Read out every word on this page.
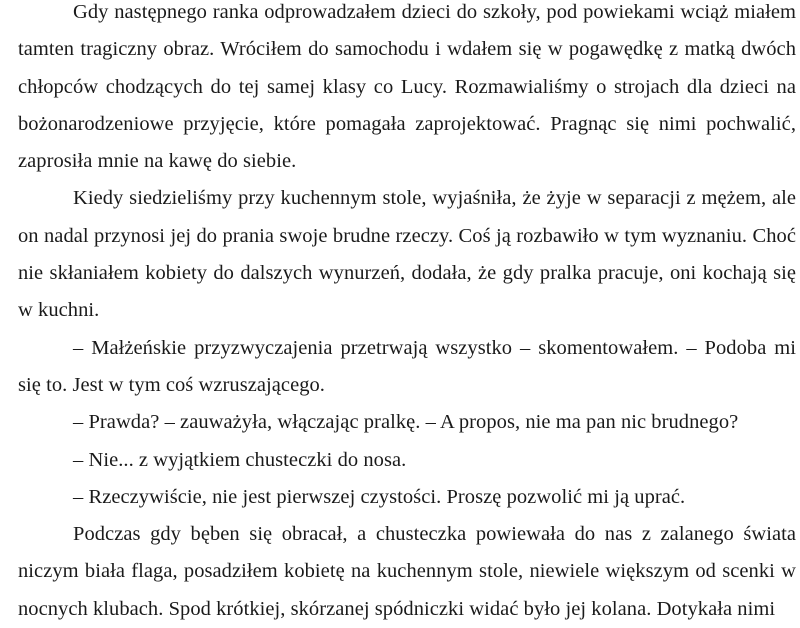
Gdy następnego ranka odprowadzałem dzieci do szkoły, pod powiekami wciąż miałem tamten tragiczny obraz. Wróciłem do samochodu i wdałem się w pogawędkę z matką dwóch chłopców chodzących do tej samej klasy co Lucy. Rozmawialiśmy o strojach dla dzieci na bożonarodzeniowe przyjęcie, które pomagała zaprojektować. Pragnąc się nimi pochwalić, zaprosiła mnie na kawę do siebie.

Kiedy siedzieliśmy przy kuchennym stole, wyjaśniła, że żyje w separacji z mężem, ale on nadal przynosi jej do prania swoje brudne rzeczy. Coś ją rozbawiło w tym wyznaniu. Choć nie skłaniałem kobiety do dalszych wynurzeń, dodała, że gdy pralka pracuje, oni kochają się w kuchni.

– Małżeńskie przyzwyczajenia przetrwają wszystko – skomentowałem. – Podoba mi się to. Jest w tym coś wzruszającego.

– Prawda? – zauważyła, włączając pralkę. – A propos, nie ma pan nic brudnego?

– Nie... z wyjątkiem chusteczki do nosa.

– Rzeczywiście, nie jest pierwszej czystości. Proszę pozwolić mi ją uprać.

Podczas gdy bęben się obracał, a chusteczka powiewała do nas z zalanego świata niczym biała flaga, posadziłem kobietę na kuchennym stole, niewiele większym od scenki w nocnych klubach. Spod krótkiej, skórzanej spódniczki widać było jej kolana. Dotykała nimi
